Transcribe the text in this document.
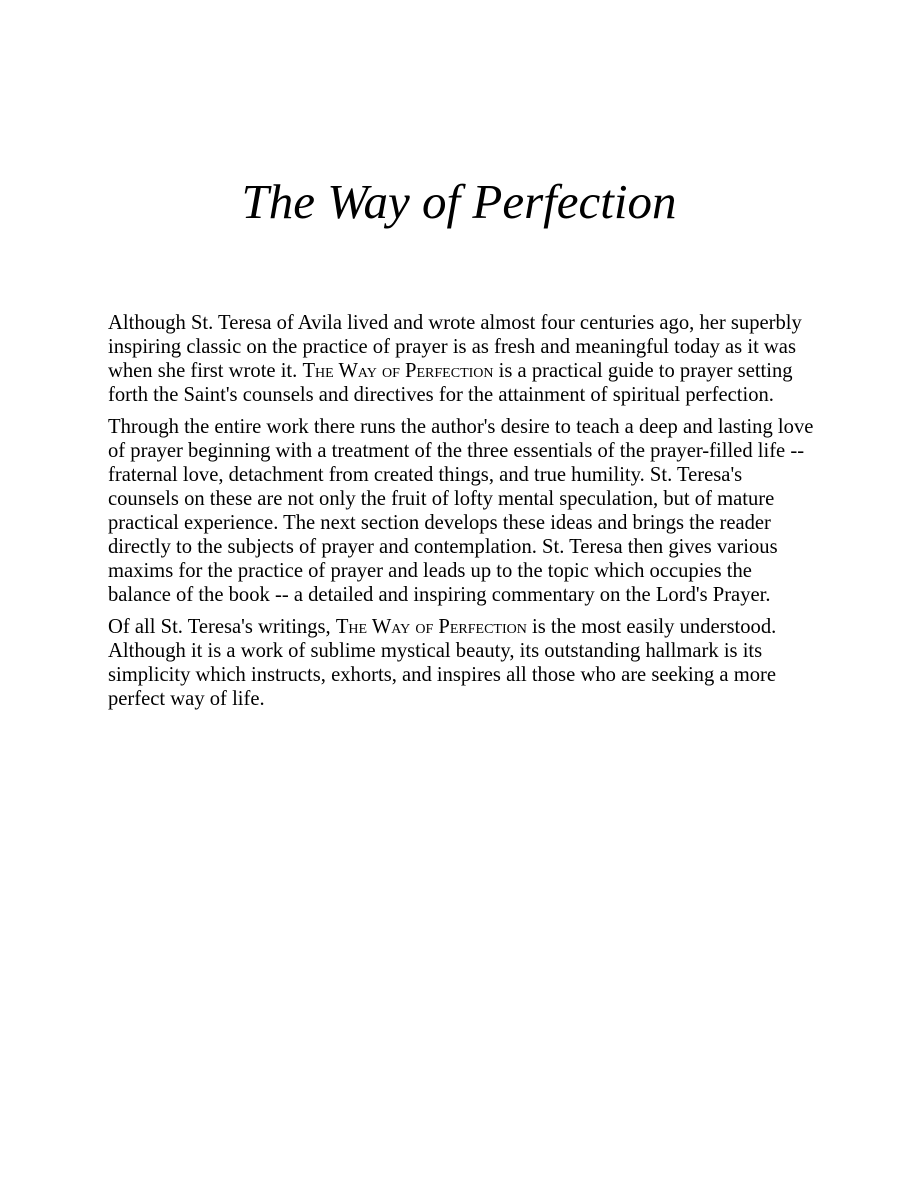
The Way of Perfection

Although St. Teresa of Avila lived and wrote almost four centuries ago, her superbly inspiring classic on the practice of prayer is as fresh and meaningful today as it was when she first wrote it. The Way of Perfection is a practical guide to prayer setting forth the Saint's counsels and directives for the attainment of spiritual perfection.

Through the entire work there runs the author's desire to teach a deep and lasting love of prayer beginning with a treatment of the three essentials of the prayer-filled life -- fraternal love, detachment from created things, and true humility. St. Teresa's counsels on these are not only the fruit of lofty mental speculation, but of mature practical experience. The next section develops these ideas and brings the reader directly to the subjects of prayer and contemplation. St. Teresa then gives various maxims for the practice of prayer and leads up to the topic which occupies the balance of the book -- a detailed and inspiring commentary on the Lord's Prayer.

Of all St. Teresa's writings, The Way of Perfection is the most easily understood. Although it is a work of sublime mystical beauty, its outstanding hallmark is its simplicity which instructs, exhorts, and inspires all those who are seeking a more perfect way of life.
